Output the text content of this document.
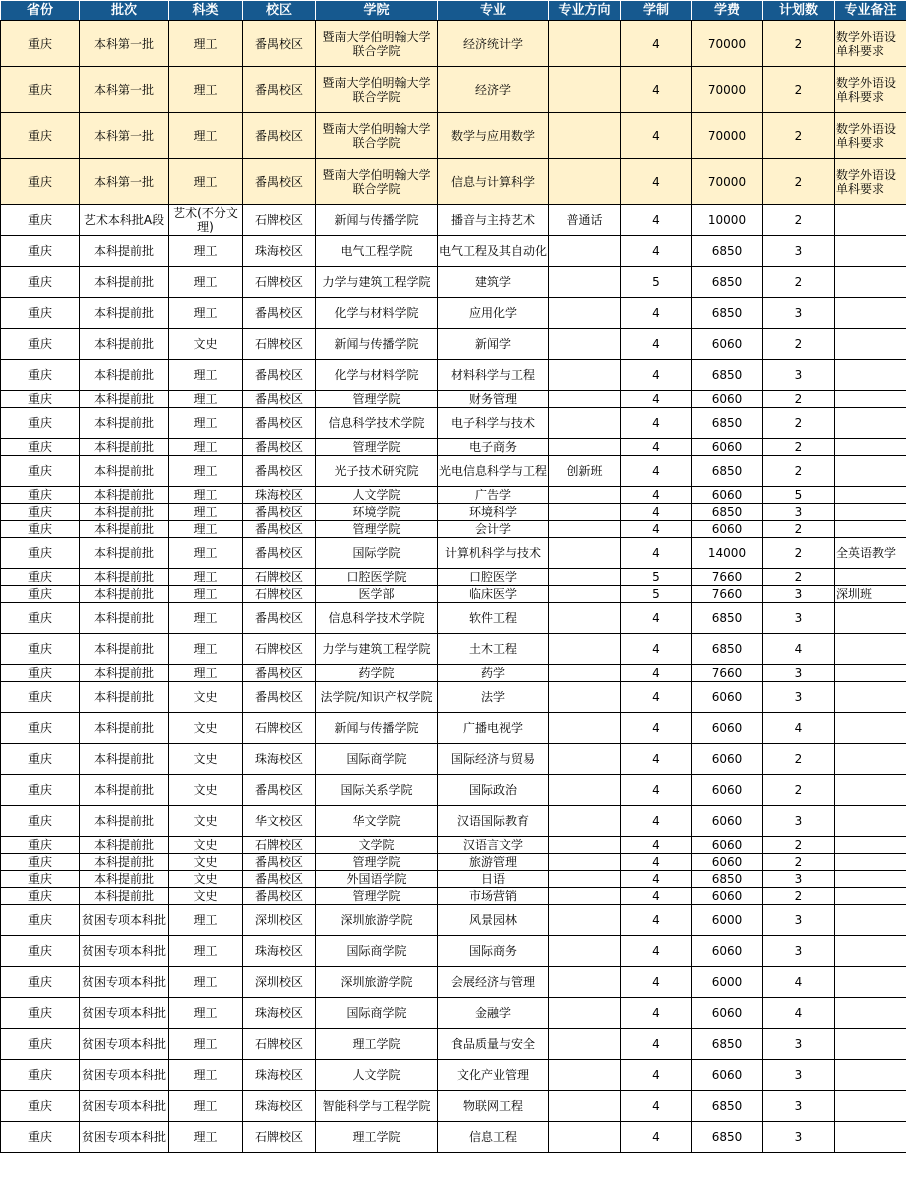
省份	批次	科类	校区	学院	专业	专业方向	学制	学费	计划数	专业备注
重庆	本科第一批	理工	番禺校区	暨南大学伯明翰大学联合学院	经济统计学		4	70000	2	数学外语设单科要求
重庆	本科第一批	理工	番禺校区	暨南大学伯明翰大学联合学院	经济学		4	70000	2	数学外语设单科要求
重庆	本科第一批	理工	番禺校区	暨南大学伯明翰大学联合学院	数学与应用数学		4	70000	2	数学外语设单科要求
重庆	本科第一批	理工	番禺校区	暨南大学伯明翰大学联合学院	信息与计算科学		4	70000	2	数学外语设单科要求
重庆	艺术本科批A段	艺术(不分文理)	石牌校区	新闻与传播学院	播音与主持艺术	普通话	4	10000	2	
重庆	本科提前批	理工	珠海校区	电气工程学院	电气工程及其自动化		4	6850	3	
重庆	本科提前批	理工	石牌校区	力学与建筑工程学院	建筑学		5	6850	2	
重庆	本科提前批	理工	番禺校区	化学与材料学院	应用化学		4	6850	3	
重庆	本科提前批	文史	石牌校区	新闻与传播学院	新闻学		4	6060	2	
重庆	本科提前批	理工	番禺校区	化学与材料学院	材料科学与工程		4	6850	3	
重庆	本科提前批	理工	番禺校区	管理学院	财务管理		4	6060	2	
重庆	本科提前批	理工	番禺校区	信息科学技术学院	电子科学与技术		4	6850	2	
重庆	本科提前批	理工	番禺校区	管理学院	电子商务		4	6060	2	
重庆	本科提前批	理工	番禺校区	光子技术研究院	光电信息科学与工程	创新班	4	6850	2	
重庆	本科提前批	理工	珠海校区	人文学院	广告学		4	6060	5	
重庆	本科提前批	理工	番禺校区	环境学院	环境科学		4	6850	3	
重庆	本科提前批	理工	番禺校区	管理学院	会计学		4	6060	2	
重庆	本科提前批	理工	番禺校区	国际学院	计算机科学与技术		4	14000	2	全英语教学
重庆	本科提前批	理工	石牌校区	口腔医学院	口腔医学		5	7660	2	
重庆	本科提前批	理工	石牌校区	医学部	临床医学		5	7660	3	深圳班
重庆	本科提前批	理工	番禺校区	信息科学技术学院	软件工程		4	6850	3	
重庆	本科提前批	理工	石牌校区	力学与建筑工程学院	土木工程		4	6850	4	
重庆	本科提前批	理工	番禺校区	药学院	药学		4	7660	3	
重庆	本科提前批	文史	番禺校区	法学院/知识产权学院	法学		4	6060	3	
重庆	本科提前批	文史	石牌校区	新闻与传播学院	广播电视学		4	6060	4	
重庆	本科提前批	文史	珠海校区	国际商学院	国际经济与贸易		4	6060	2	
重庆	本科提前批	文史	番禺校区	国际关系学院	国际政治		4	6060	2	
重庆	本科提前批	文史	华文校区	华文学院	汉语国际教育		4	6060	3	
重庆	本科提前批	文史	石牌校区	文学院	汉语言文学		4	6060	2	
重庆	本科提前批	文史	番禺校区	管理学院	旅游管理		4	6060	2	
重庆	本科提前批	文史	番禺校区	外国语学院	日语		4	6850	3	
重庆	本科提前批	文史	番禺校区	管理学院	市场营销		4	6060	2	
重庆	贫困专项本科批	理工	深圳校区	深圳旅游学院	风景园林		4	6000	3	
重庆	贫困专项本科批	理工	珠海校区	国际商学院	国际商务		4	6060	3	
重庆	贫困专项本科批	理工	深圳校区	深圳旅游学院	会展经济与管理		4	6000	4	
重庆	贫困专项本科批	理工	珠海校区	国际商学院	金融学		4	6060	4	
重庆	贫困专项本科批	理工	石牌校区	理工学院	食品质量与安全		4	6850	3	
重庆	贫困专项本科批	理工	珠海校区	人文学院	文化产业管理		4	6060	3	
重庆	贫困专项本科批	理工	珠海校区	智能科学与工程学院	物联网工程		4	6850	3	
重庆	贫困专项本科批	理工	石牌校区	理工学院	信息工程		4	6850	3	
